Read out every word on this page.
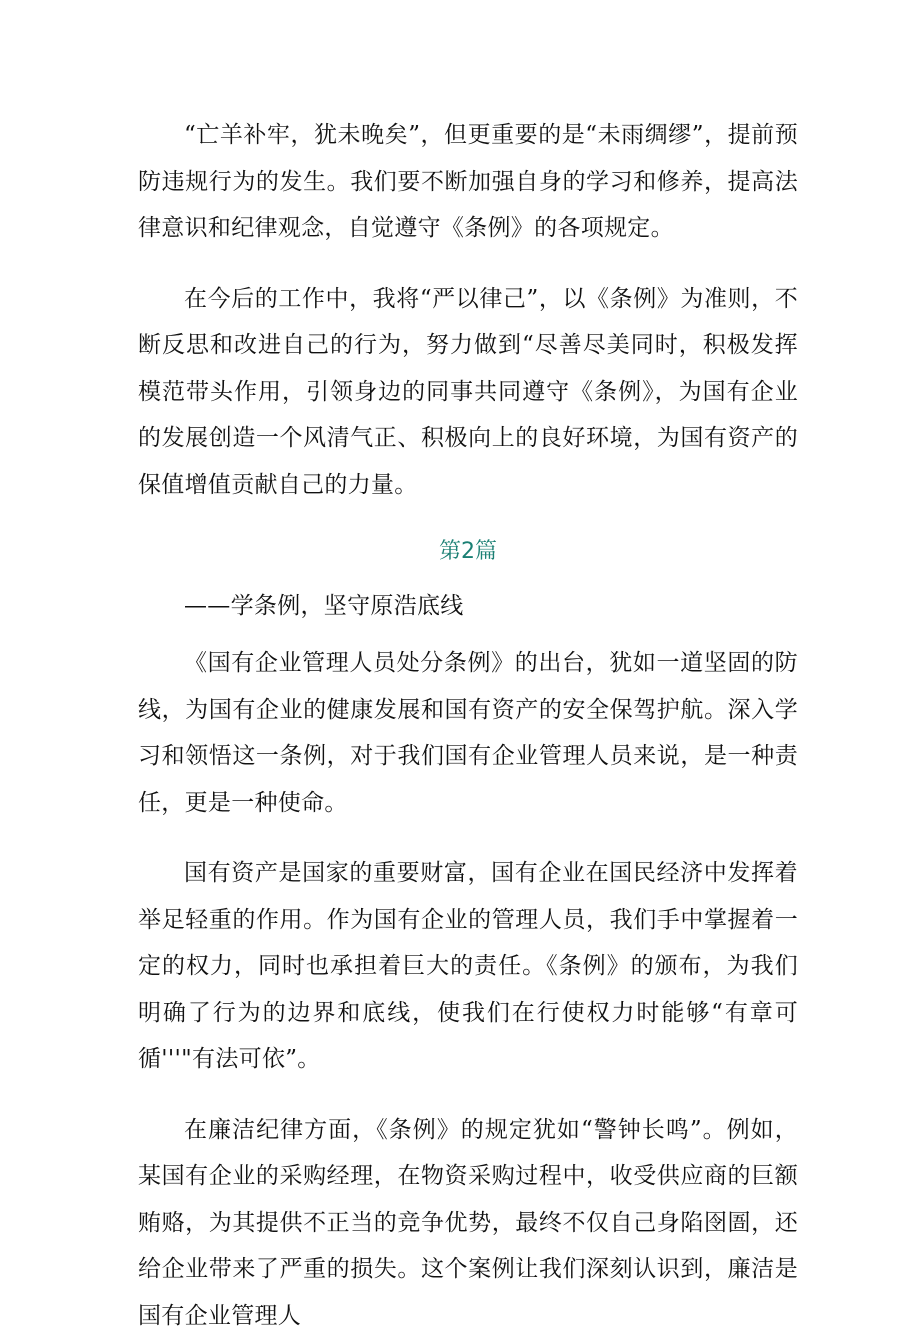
“亡羊补牢，犹未晚矣”，但更重要的是“未雨绸缪”，提前预防违规行为的发生。我们要不断加强自身的学习和修养，提高法律意识和纪律观念，自觉遵守《条例》的各项规定。

在今后的工作中，我将“严以律己”，以《条例》为准则，不断反思和改进自己的行为，努力做到“尽善尽美同时，积极发挥模范带头作用，引领身边的同事共同遵守《条例》，为国有企业的发展创造一个风清气正、积极向上的良好环境，为国有资产的保值增值贡献自己的力量。

第2篇
——学条例，坚守原浩底线

《国有企业管理人员处分条例》的出台，犹如一道坚固的防线，为国有企业的健康发展和国有资产的安全保驾护航。深入学习和领悟这一条例，对于我们国有企业管理人员来说，是一种责任，更是一种使命。

国有资产是国家的重要财富，国有企业在国民经济中发挥着举足轻重的作用。作为国有企业的管理人员，我们手中掌握着一定的权力，同时也承担着巨大的责任。《条例》的颁布，为我们明确了行为的边界和底线，使我们在行使权力时能够“有章可循'''"有法可依”。

在廉洁纪律方面，《条例》的规定犹如“警钟长鸣”。例如，某国有企业的采购经理，在物资采购过程中，收受供应商的巨额贿赂，为其提供不正当的竞争优势，最终不仅自己身陷囹圄，还给企业带来了严重的损失。这个案例让我们深刻认识到，廉洁是国有企业管理人
